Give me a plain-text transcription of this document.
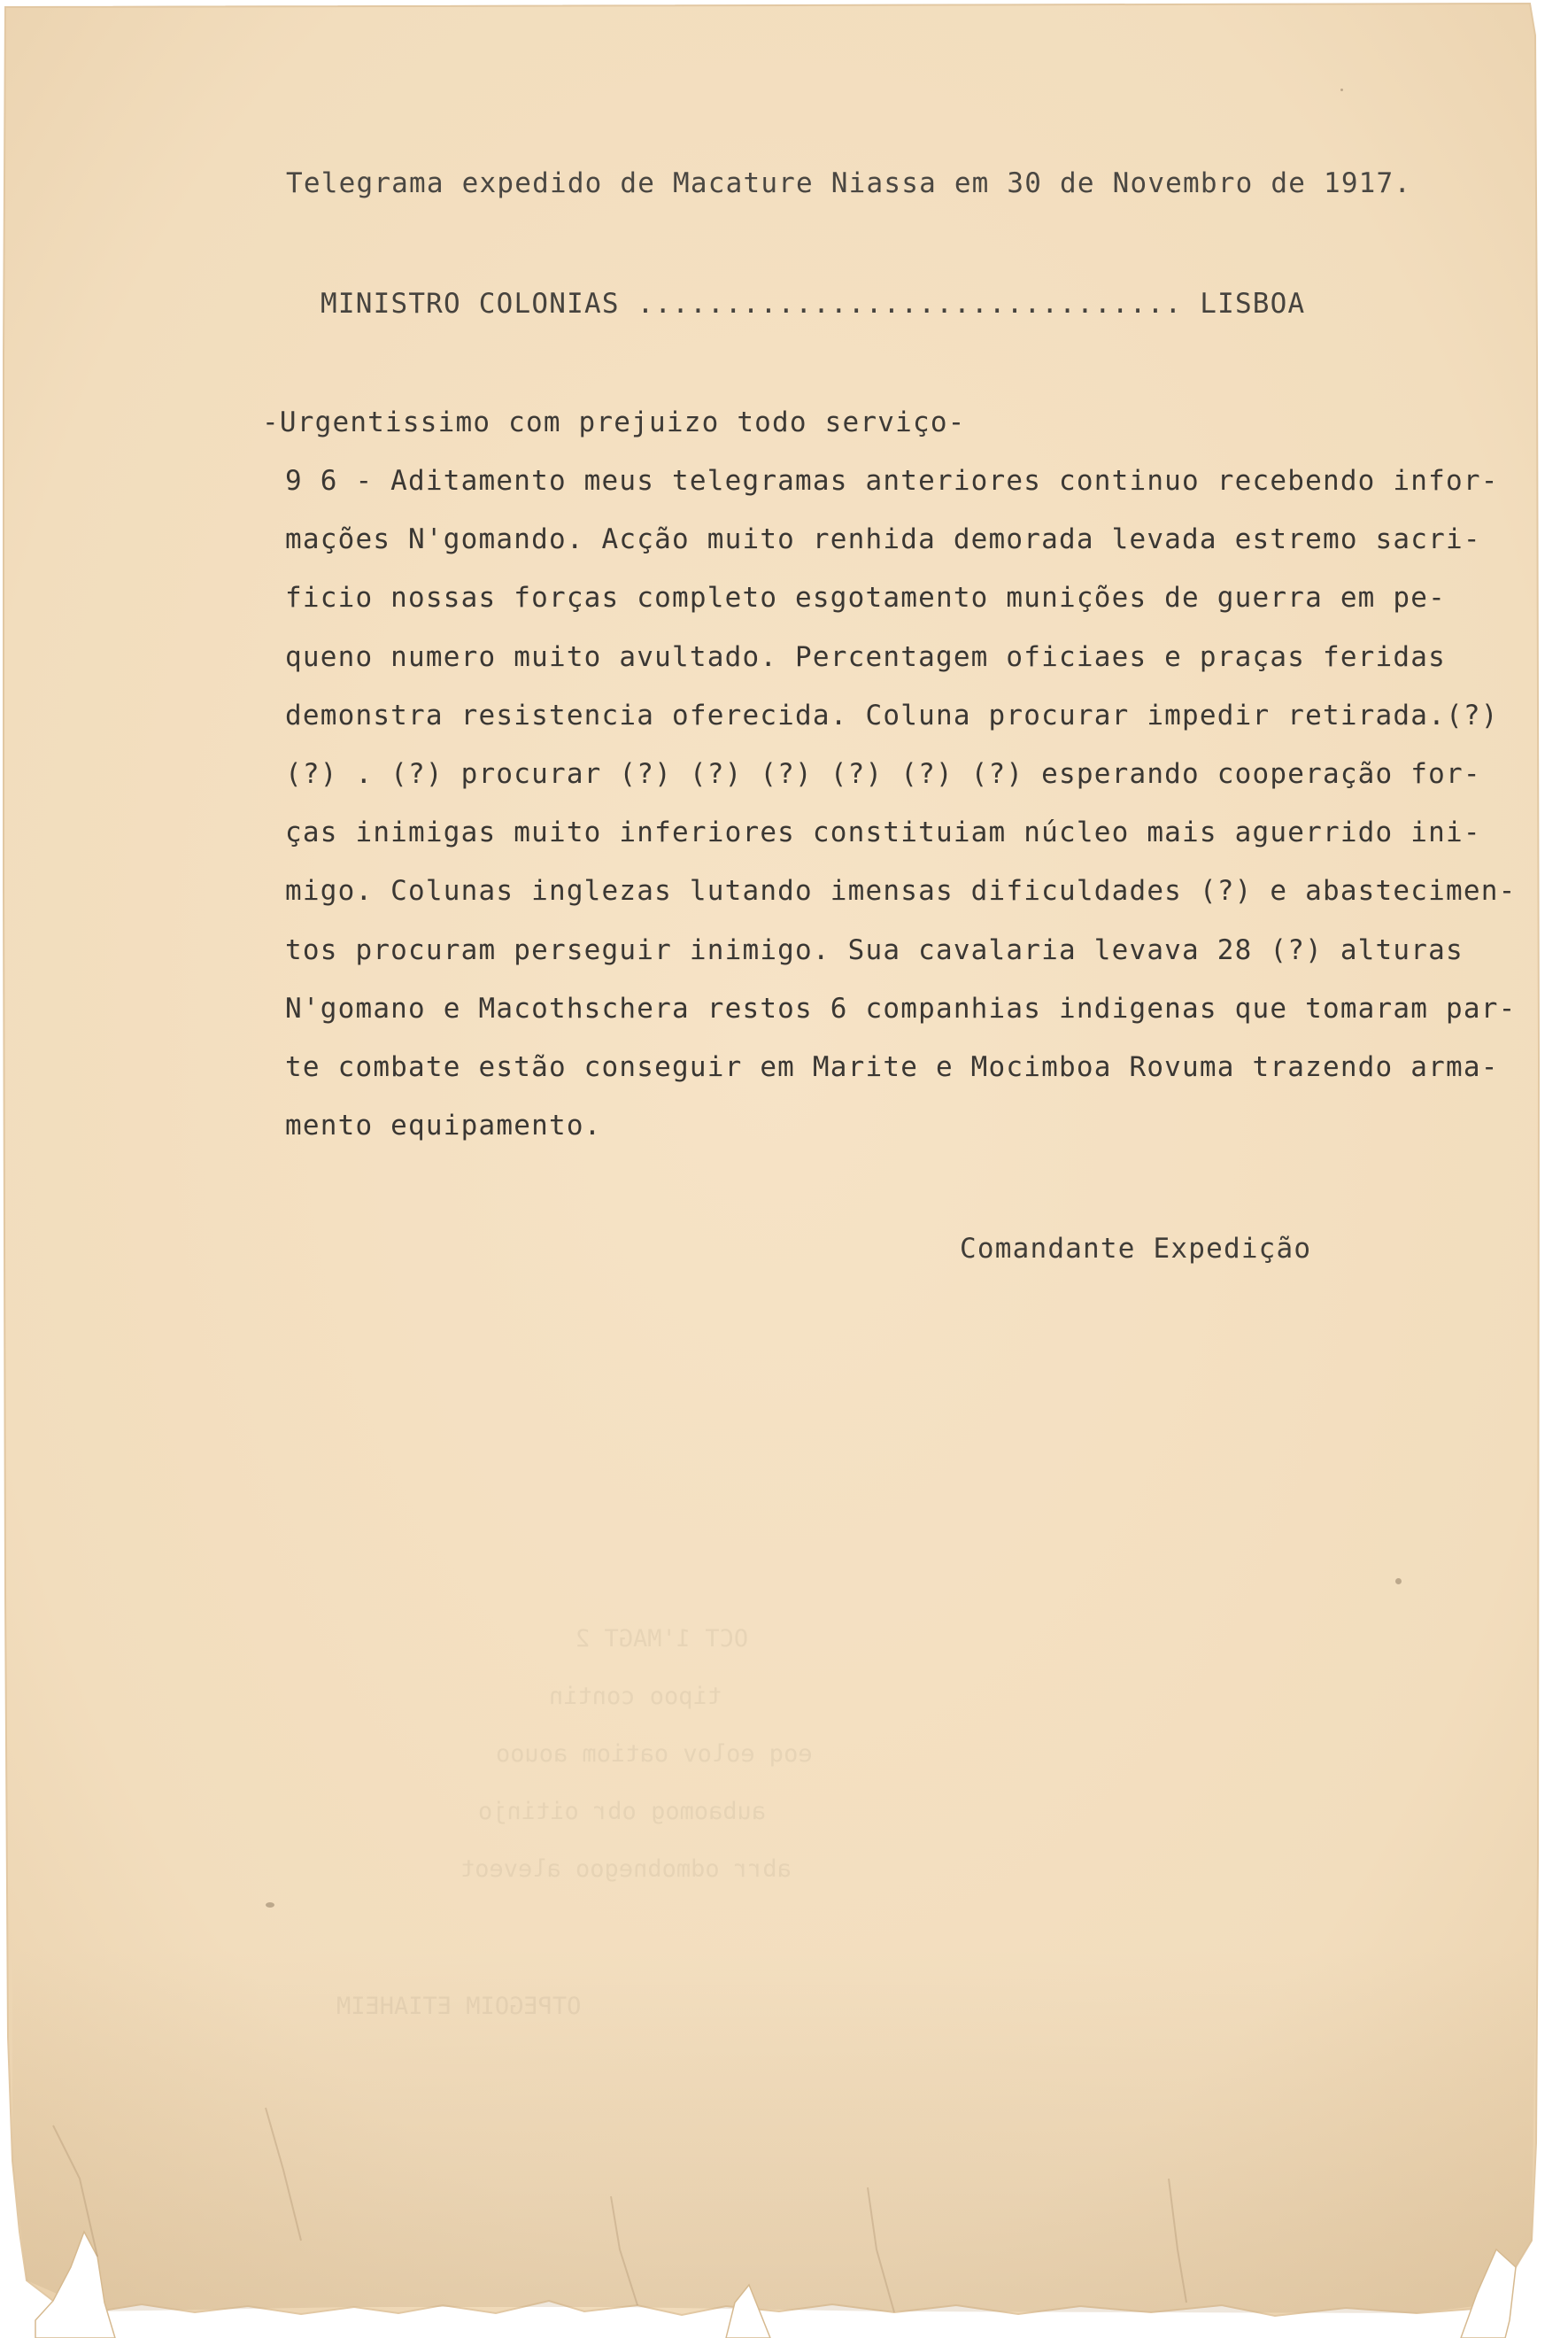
OCT 1'MAGT 2
tipoo contin
eoq eolov oatiom aouoo
aubaomog obr oitinjo
abrr odmobnegoo aleveot
OTPEGOIM ETIAHEIM

Telegrama expedido de Macature Niassa em 30 de Novembro de 1917.

MINISTRO COLONIAS ............................... LISBOA

-Urgentissimo com prejuizo todo serviço-

9 6 - Aditamento meus telegramas anteriores continuo recebendo infor-
mações N'gomando. Acção muito renhida demorada levada estremo sacri-
ficio nossas forças completo esgotamento munições de guerra em pe-
queno numero muito avultado. Percentagem oficiaes e praças feridas
demonstra resistencia oferecida. Coluna procurar impedir retirada.(?)
(?) . (?) procurar (?) (?) (?) (?) (?) (?) esperando cooperação for-
ças inimigas muito inferiores constituiam núcleo mais aguerrido ini-
migo. Colunas inglezas lutando imensas dificuldades (?) e abastecimen-
tos procuram perseguir inimigo. Sua cavalaria levava 28 (?) alturas
N'gomano e Macothschera restos 6 companhias indigenas que tomaram par-
te combate estão conseguir em Marite e Mocimboa Rovuma trazendo arma-
mento equipamento.

Comandante Expedição
